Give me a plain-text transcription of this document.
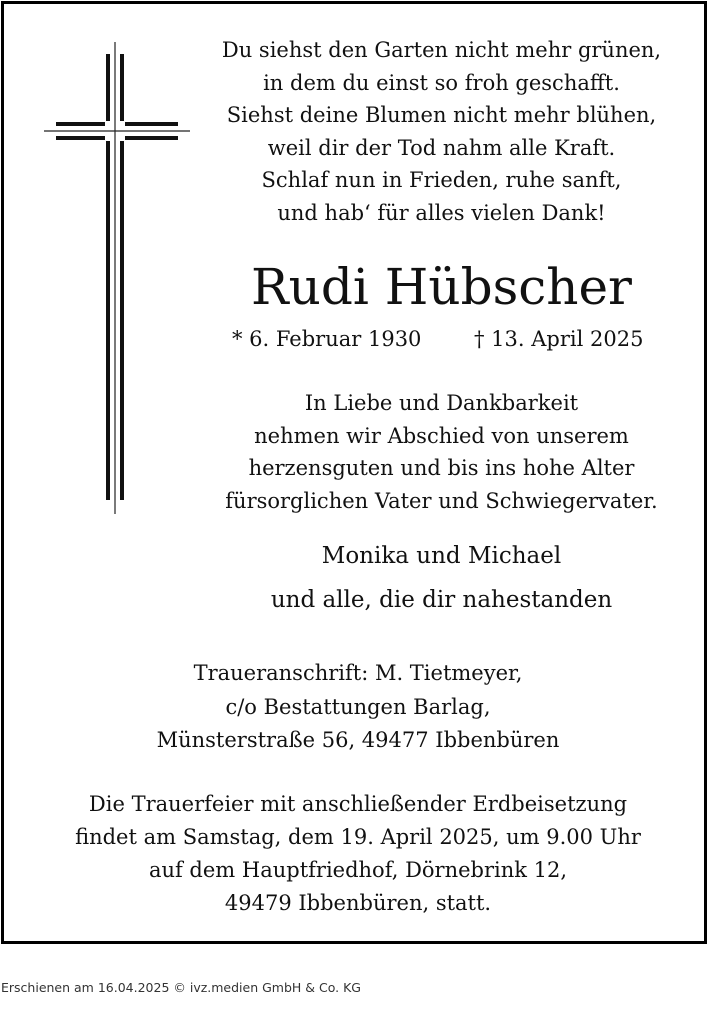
Du siehst den Garten nicht mehr grünen,
in dem du einst so froh geschafft.
Siehst deine Blumen nicht mehr blühen,
weil dir der Tod nahm alle Kraft.
Schlaf nun in Frieden, ruhe sanft,
und hab‘ für alles vielen Dank!
Rudi Hübscher
* 6. Februar 1930	† 13. April 2025
In Liebe und Dankbarkeit
nehmen wir Abschied von unserem
herzensguten und bis ins hohe Alter
fürsorglichen Vater und Schwiegervater.
Monika und Michael
und alle, die dir nahestanden
Traueranschrift: M. Tietmeyer,
c/o Bestattungen Barlag,
Münsterstraße 56, 49477 Ibbenbüren
Die Trauerfeier mit anschließender Erdbeisetzung
findet am Samstag, dem 19. April 2025, um 9.00 Uhr
auf dem Hauptfriedhof, Dörnebrink 12,
49479 Ibbenbüren, statt.
Erschienen am 16.04.2025 © ivz.medien GmbH & Co. KG
